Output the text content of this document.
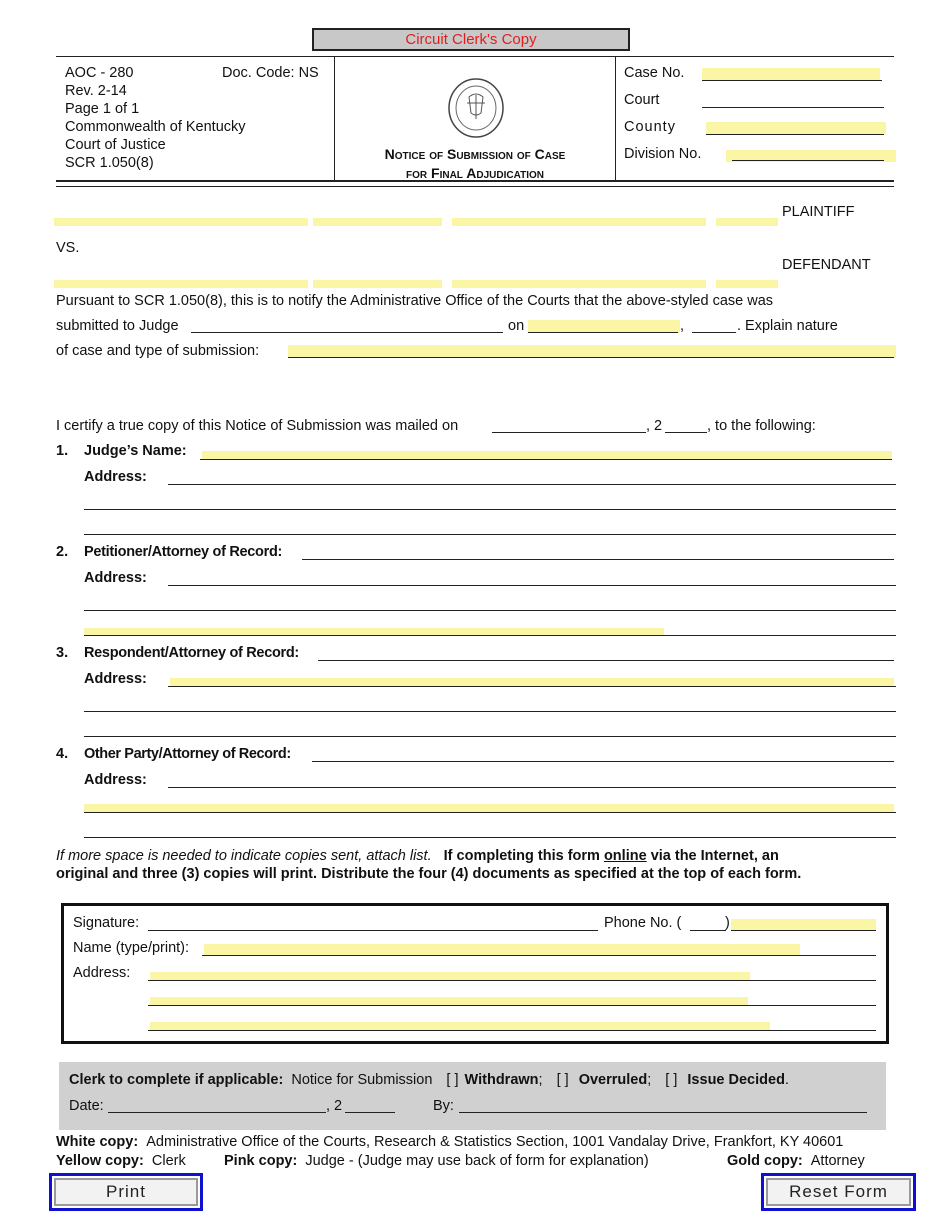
Circuit Clerk's Copy
AOC - 280	Doc. Code: NS
Rev. 2-14
Page 1 of 1
Commonwealth of Kentucky
Court of Justice
SCR 1.050(8)
Notice of Submission of Case
for Final Adjudication
Case No.
Court
County
Division No.
PLAINTIFF
VS.
DEFENDANT
Pursuant to SCR 1.050(8), this is to notify the Administrative Office of the Courts that the above-styled case was
submitted to Judge	on	,	. Explain nature
of case and type of submission:
I certify a true copy of this Notice of Submission was mailed on	, 2	, to the following:
1. Judge’s Name:
Address:
2. Petitioner/Attorney of Record:
Address:
3. Respondent/Attorney of Record:
Address:
4. Other Party/Attorney of Record:
Address:
If more space is needed to indicate copies sent, attach list. If completing this form online via the Internet, an
original and three (3) copies will print. Distribute the four (4) documents as specified at the top of each form.
Signature:	Phone No. (	)
Name (type/print):
Address:
Clerk to complete if applicable: Notice for Submission [ ] Withdrawn; [ ] Overruled; [ ] Issue Decided.
Date:	, 2	By:
White copy: Administrative Office of the Courts, Research & Statistics Section, 1001 Vandalay Drive, Frankfort, KY 40601
Yellow copy: Clerk	Pink copy: Judge - (Judge may use back of form for explanation)	Gold copy: Attorney
Print	Reset Form
